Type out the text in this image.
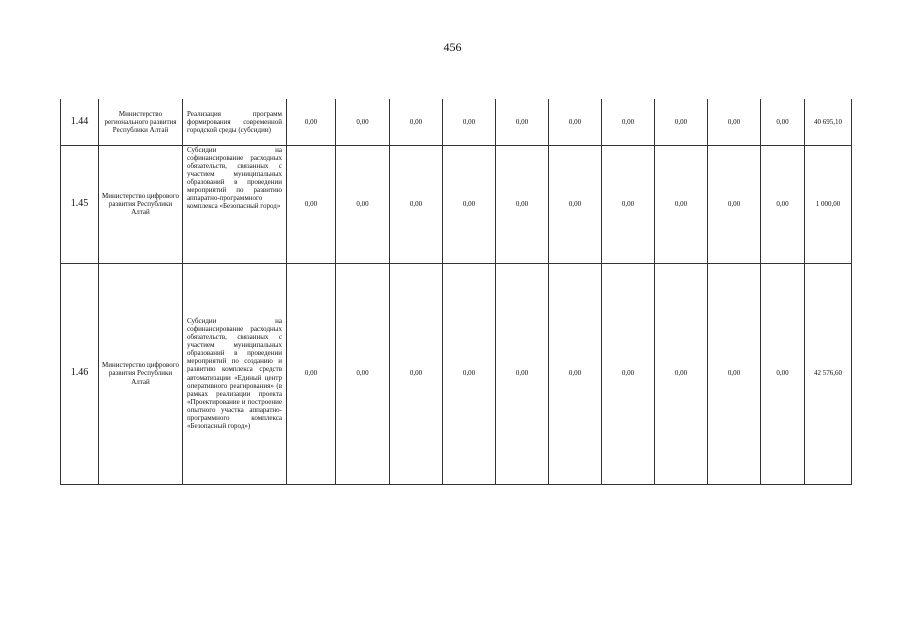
456
1.44	Министерство регионального развития Республики Алтай	Реализация программ формирования современной городской среды (субсидии)	0,00	0,00	0,00	0,00	0,00	0,00	0,00	0,00	0,00	0,00	40 695,10
1.45	Министерство цифрового развития Республики Алтай	Субсидии на софинансирование расходных обязательств, связанных с участием муниципальных образований в проведении мероприятий по развитию аппаратно-программного комплекса «Безопасный город»	0,00	0,00	0,00	0,00	0,00	0,00	0,00	0,00	0,00	0,00	1 000,00
1.46	Министерство цифрового развития Республики Алтай	Субсидии на софинансирование расходных обязательств, связанных с участием муниципальных образований в проведении мероприятий по созданию и развитию комплекса средств автоматизации «Единый центр оперативного реагирования» (в рамках реализации проекта «Проектирование и построение опытного участка аппаратно-программного комплекса «Безопасный город»)	0,00	0,00	0,00	0,00	0,00	0,00	0,00	0,00	0,00	0,00	42 576,60
